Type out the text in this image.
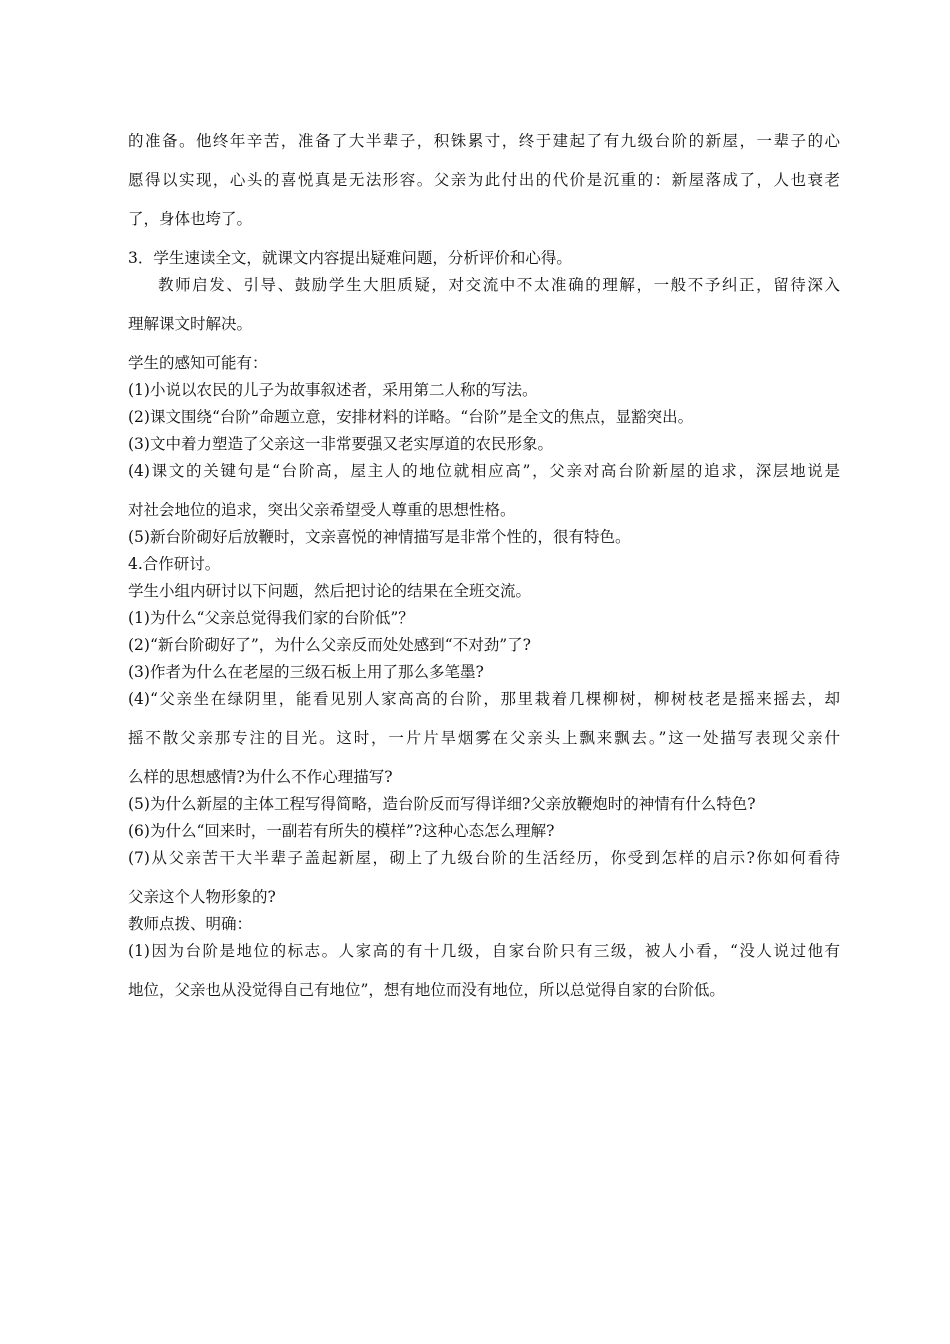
的准备。他终年辛苦，准备了大半辈子，积铢累寸，终于建起了有九级台阶的新屋，一辈子的心
愿得以实现，心头的喜悦真是无法形容。父亲为此付出的代价是沉重的：新屋落成了，人也衰老
了，身体也垮了。
3．学生速读全文，就课文内容提出疑难问题，分析评价和心得。
教师启发、引导、鼓励学生大胆质疑，对交流中不太准确的理解，一般不予纠正，留待深入
理解课文时解决。
学生的感知可能有：
(1)小说以农民的儿子为故事叙述者，采用第二人称的写法。
(2)课文围绕“台阶”命题立意，安排材料的详略。“台阶”是全文的焦点，显豁突出。
(3)文中着力塑造了父亲这一非常要强又老实厚道的农民形象。
(4)课文的关键句是“台阶高，屋主人的地位就相应高”，父亲对高台阶新屋的追求，深层地说是
对社会地位的追求，突出父亲希望受人尊重的思想性格。
(5)新台阶砌好后放鞭时，文亲喜悦的神情描写是非常个性的，很有特色。
4.合作研讨。
学生小组内研讨以下问题，然后把讨论的结果在全班交流。
(1)为什么“父亲总觉得我们家的台阶低”？
(2)“新台阶砌好了”，为什么父亲反而处处感到“不对劲”了?
(3)作者为什么在老屋的三级石板上用了那么多笔墨?
(4)“父亲坐在绿阴里，能看见别人家高高的台阶，那里栽着几棵柳树，柳树枝老是摇来摇去，却
摇不散父亲那专注的目光。这时，一片片旱烟雾在父亲头上飘来飘去。”这一处描写表现父亲什
么样的思想感情?为什么不作心理描写?
(5)为什么新屋的主体工程写得简略，造台阶反而写得详细?父亲放鞭炮时的神情有什么特色?
(6)为什么“回来时，一副若有所失的模样”?这种心态怎么理解?
(7)从父亲苦干大半辈子盖起新屋，砌上了九级台阶的生活经历，你受到怎样的启示?你如何看待
父亲这个人物形象的?
教师点拨、明确：
(1)因为台阶是地位的标志。人家高的有十几级，自家台阶只有三级，被人小看，“没人说过他有
地位，父亲也从没觉得自己有地位”，想有地位而没有地位，所以总觉得自家的台阶低。
